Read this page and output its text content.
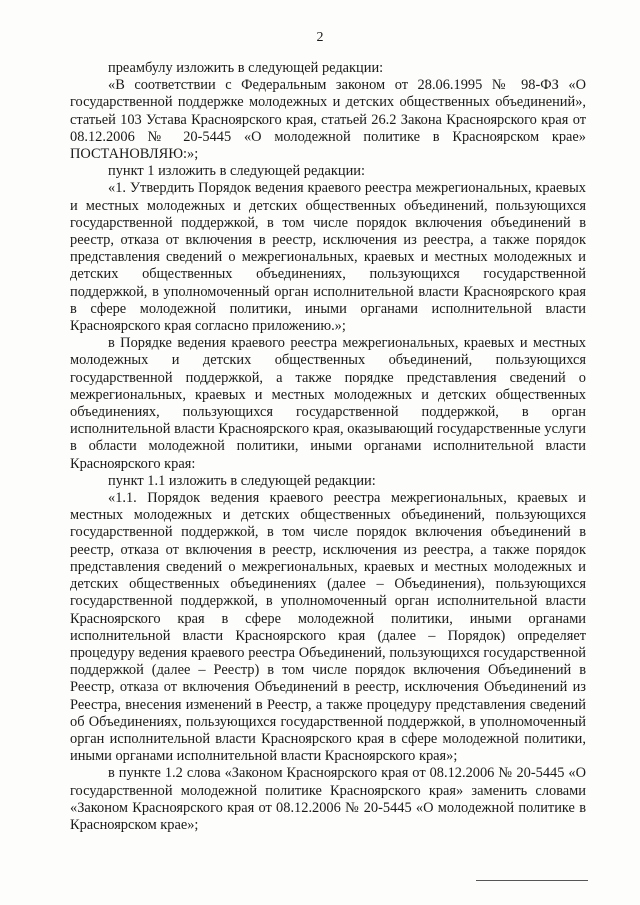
2

преамбулу изложить в следующей редакции:

«В соответствии с Федеральным законом от 28.06.1995 № 98-ФЗ «О государственной поддержке молодежных и детских общественных объединений», статьей 103 Устава Красноярского края, статьей 26.2 Закона Красноярского края от 08.12.2006 № 20-5445 «О молодежной политике в Красноярском крае» ПОСТАНОВЛЯЮ:»;

пункт 1 изложить в следующей редакции:

«1. Утвердить Порядок ведения краевого реестра межрегиональных, краевых и местных молодежных и детских общественных объединений, пользующихся государственной поддержкой, в том числе порядок включения объединений в реестр, отказа от включения в реестр, исключения из реестра, а также порядок представления сведений о межрегиональных, краевых и местных молодежных и детских общественных объединениях, пользующихся государственной поддержкой, в уполномоченный орган исполнительной власти Красноярского края в сфере молодежной политики, иными органами исполнительной власти Красноярского края согласно приложению.»;

в Порядке ведения краевого реестра межрегиональных, краевых и местных молодежных и детских общественных объединений, пользующихся государственной поддержкой, а также порядке представления сведений о межрегиональных, краевых и местных молодежных и детских общественных объединениях, пользующихся государственной поддержкой, в орган исполнительной власти Красноярского края, оказывающий государственные услуги в области молодежной политики, иными органами исполнительной власти Красноярского края:

пункт 1.1 изложить в следующей редакции:

«1.1. Порядок ведения краевого реестра межрегиональных, краевых и местных молодежных и детских общественных объединений, пользующихся государственной поддержкой, в том числе порядок включения объединений в реестр, отказа от включения в реестр, исключения из реестра, а также порядок представления сведений о межрегиональных, краевых и местных молодежных и детских общественных объединениях (далее – Объединения), пользующихся государственной поддержкой, в уполномоченный орган исполнительной власти Красноярского края в сфере молодежной политики, иными органами исполнительной власти Красноярского края (далее – Порядок) определяет процедуру ведения краевого реестра Объединений, пользующихся государственной поддержкой (далее – Реестр) в том числе порядок включения Объединений в Реестр, отказа от включения Объединений в реестр, исключения Объединений из Реестра, внесения изменений в Реестр, а также процедуру представления сведений об Объединениях, пользующихся государственной поддержкой, в уполномоченный орган исполнительной власти Красноярского края в сфере молодежной политики, иными органами исполнительной власти Красноярского края»;

в пункте 1.2 слова «Законом Красноярского края от 08.12.2006 № 20-5445 «О государственной молодежной политике Красноярского края» заменить словами «Законом Красноярского края от 08.12.2006 № 20-5445 «О молодежной политике в Красноярском крае»;
